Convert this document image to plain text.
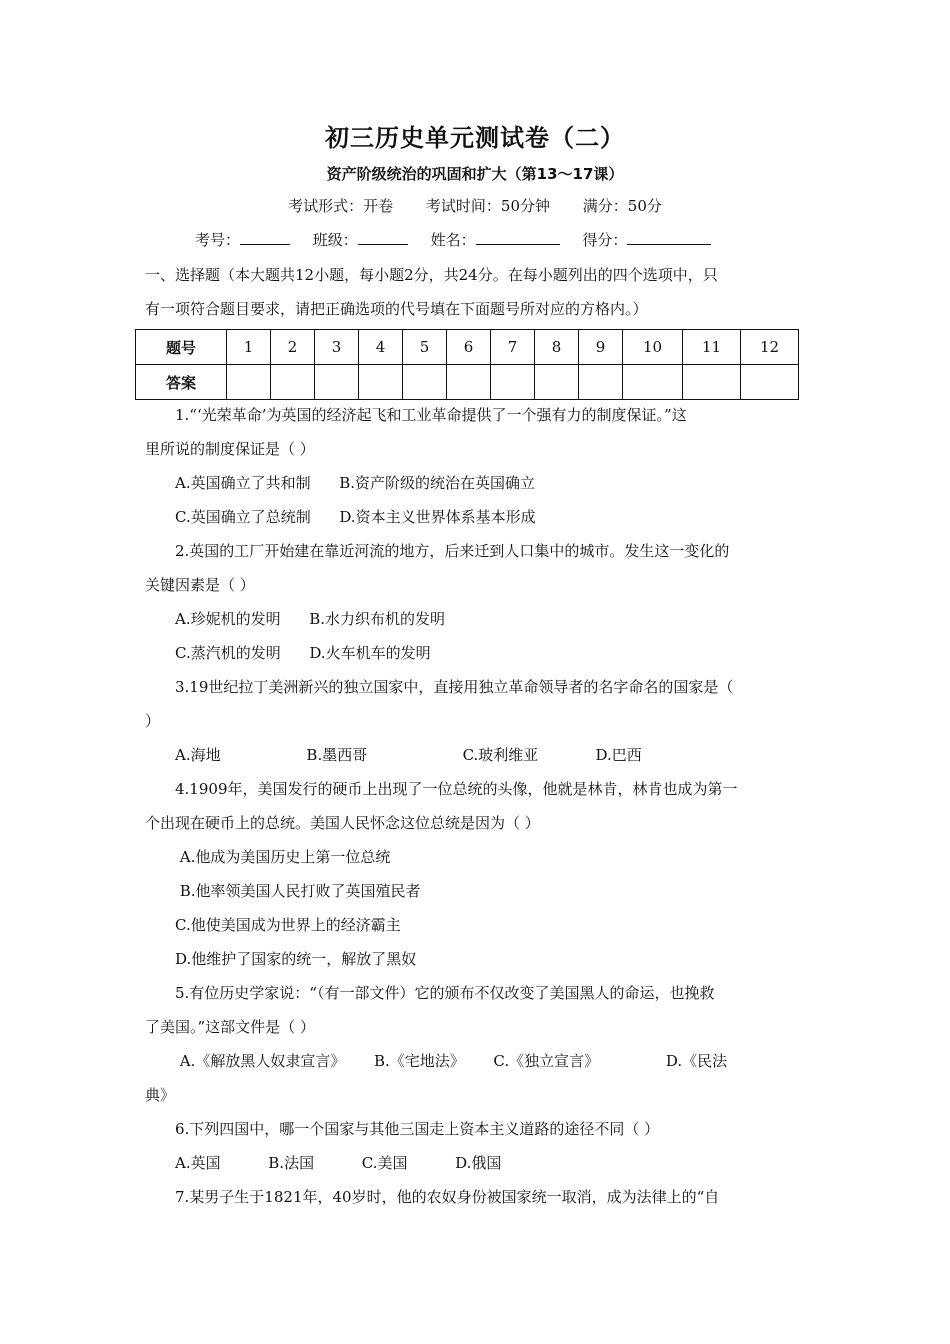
初三历史单元测试卷（二）
资产阶级统治的巩固和扩大（第13～17课）
考试形式：开卷 考试时间：50分钟 满分：50分
考号：	班级：	姓名：	得分：

一、选择题（本大题共12小题，每小题2分，共24分。在每小题列出的四个选项中，只

有一项符合题目要求，请把正确选项的代号填在下面题号所对应的方格内。）

题号	1	2	3	4	5	6	7	8	9	10	11	12
答案												

1.“‘光荣革命’为英国的经济起飞和工业革命提供了一个强有力的制度保证。”这

里所说的制度保证是（ ）

A.英国确立了共和制      B.资产阶级的统治在英国确立

C.英国确立了总统制      D.资本主义世界体系基本形成

2.英国的工厂开始建在靠近河流的地方，后来迁到人口集中的城市。发生这一变化的

关键因素是（ ）

A.珍妮机的发明      B.水力织布机的发明

C.蒸汽机的发明      D.火车机车的发明

3.19世纪拉丁美洲新兴的独立国家中，直接用独立革命领导者的名字命名的国家是（

）

A.海地                  B.墨西哥                    C.玻利维亚            D.巴西

4.1909年，美国发行的硬币上出现了一位总统的头像，他就是林肯，林肯也成为第一

个出现在硬币上的总统。美国人民怀念这位总统是因为（ ）

A.他成为美国历史上第一位总统

B.他率领美国人民打败了英国殖民者

C.他使美国成为世界上的经济霸主

D.他维护了国家的统一，解放了黑奴

5.有位历史学家说：“（有一部文件）它的颁布不仅改变了美国黑人的命运，也挽救

了美国。”这部文件是（ ）

A.《解放黑人奴隶宣言》      B.《宅地法》      C.《独立宣言》              D.《民法

典》

6.下列四国中，哪一个国家与其他三国走上资本主义道路的途径不同（ ）

A.英国          B.法国          C.美国          D.俄国

7.某男子生于1821年，40岁时，他的农奴身份被国家统一取消，成为法律上的“自
